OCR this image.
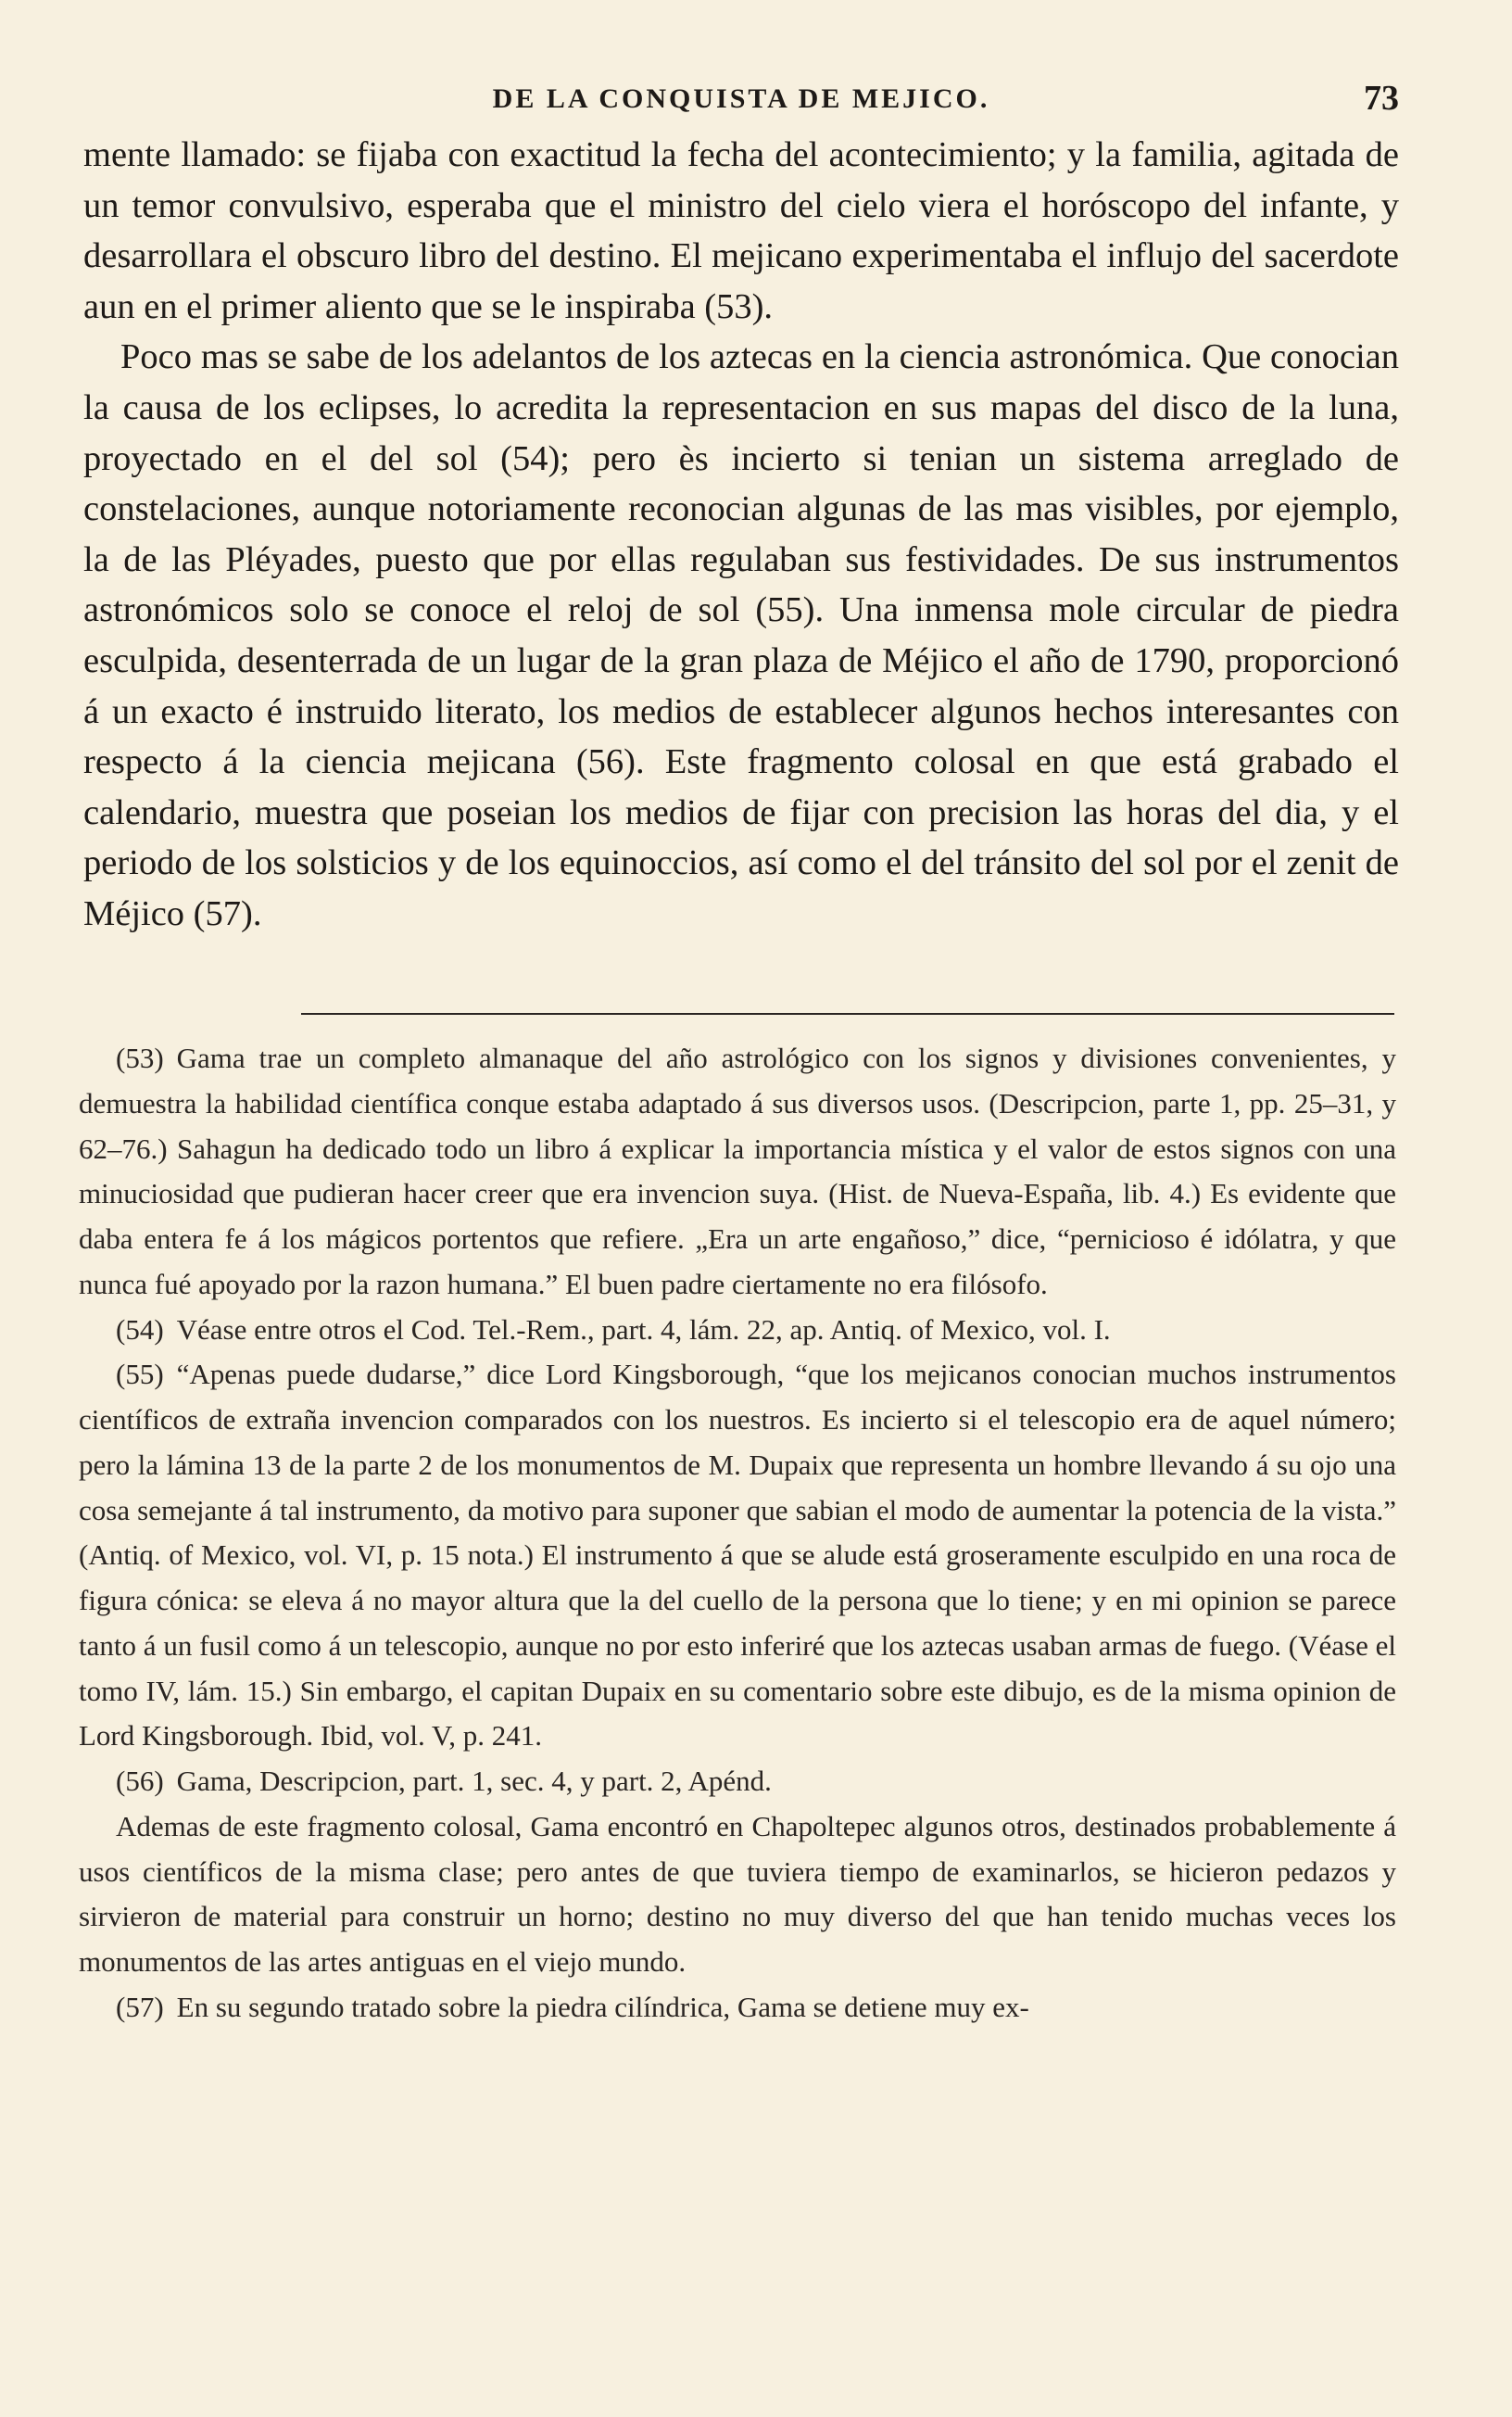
DE LA CONQUISTA DE MEJICO.	73

mente llamado: se fijaba con exactitud la fecha del acontecimiento; y la familia, agitada de un temor convulsivo, esperaba que el ministro del cielo viera el horóscopo del infante, y desarrollara el obscuro libro del destino. El mejicano experimentaba el influjo del sacerdote aun en el primer aliento que se le inspiraba (53).

Poco mas se sabe de los adelantos de los aztecas en la ciencia astronómica. Que conocian la causa de los eclipses, lo acredita la representacion en sus mapas del disco de la luna, proyectado en el del sol (54); pero ès incierto si tenian un sistema arreglado de constelaciones, aunque notoriamente reconocian algunas de las mas visibles, por ejemplo, la de las Pléyades, puesto que por ellas regulaban sus festividades. De sus instrumentos astronómicos solo se conoce el reloj de sol (55). Una inmensa mole circular de piedra esculpida, desenterrada de un lugar de la gran plaza de Méjico el año de 1790, proporcionó á un exacto é instruido literato, los medios de establecer algunos hechos interesantes con respecto á la ciencia mejicana (56). Este fragmento colosal en que está grabado el calendario, muestra que poseian los medios de fijar con precision las horas del dia, y el periodo de los solsticios y de los equinoccios, así como el del tránsito del sol por el zenit de Méjico (57).

(53) Gama trae un completo almanaque del año astrológico con los signos y divisiones convenientes, y demuestra la habilidad científica conque estaba adaptado á sus diversos usos. (Descripcion, parte 1, pp. 25–31, y 62–76.) Sahagun ha dedicado todo un libro á explicar la importancia mística y el valor de estos signos con una minuciosidad que pudieran hacer creer que era invencion suya. (Hist. de Nueva-España, lib. 4.) Es evidente que daba entera fe á los mágicos portentos que refiere. „Era un arte engañoso,” dice, “pernicioso é idólatra, y que nunca fué apoyado por la razon humana.” El buen padre ciertamente no era filósofo.

(54) Véase entre otros el Cod. Tel.-Rem., part. 4, lám. 22, ap. Antiq. of Mexico, vol. I.

(55) “Apenas puede dudarse,” dice Lord Kingsborough, “que los mejicanos conocian muchos instrumentos científicos de extraña invencion comparados con los nuestros. Es incierto si el telescopio era de aquel número; pero la lámina 13 de la parte 2 de los monumentos de M. Dupaix que representa un hombre llevando á su ojo una cosa semejante á tal instrumento, da motivo para suponer que sabian el modo de aumentar la potencia de la vista.” (Antiq. of Mexico, vol. VI, p. 15 nota.) El instrumento á que se alude está groseramente esculpido en una roca de figura cónica: se eleva á no mayor altura que la del cuello de la persona que lo tiene; y en mi opinion se parece tanto á un fusil como á un telescopio, aunque no por esto inferiré que los aztecas usaban armas de fuego. (Véase el tomo IV, lám. 15.) Sin embargo, el capitan Dupaix en su comentario sobre este dibujo, es de la misma opinion de Lord Kingsborough. Ibid, vol. V, p. 241.

(56) Gama, Descripcion, part. 1, sec. 4, y part. 2, Apénd.

Ademas de este fragmento colosal, Gama encontró en Chapoltepec algunos otros, destinados probablemente á usos científicos de la misma clase; pero antes de que tuviera tiempo de examinarlos, se hicieron pedazos y sirvieron de material para construir un horno; destino no muy diverso del que han tenido muchas veces los monumentos de las artes antiguas en el viejo mundo.

(57) En su segundo tratado sobre la piedra cilíndrica, Gama se detiene muy ex-
